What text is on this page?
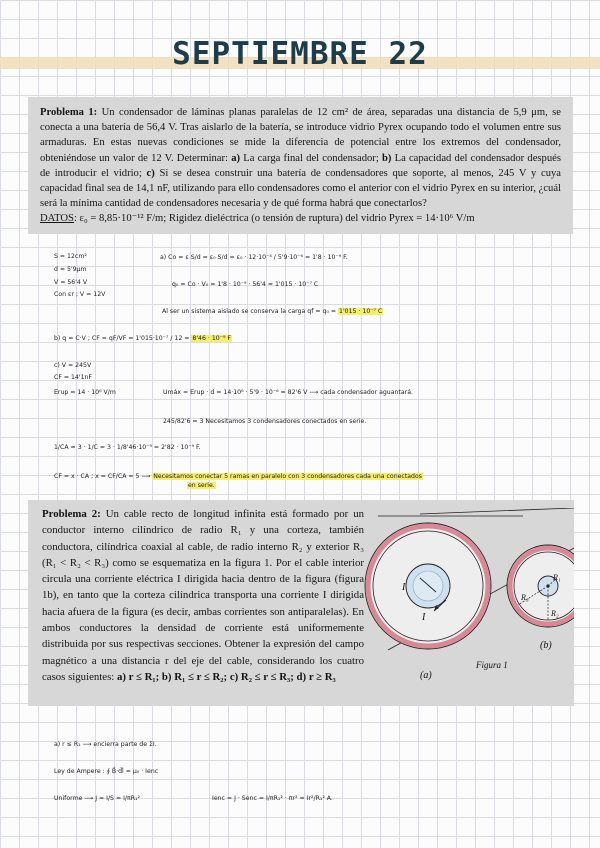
SEPTIEMBRE 22
Problema 1: Un condensador de láminas planas paralelas de 12 cm² de área, separadas una distancia de 5,9 μm, se conecta a una batería de 56,4 V. Tras aislarlo de la batería, se introduce vidrio Pyrex ocupando todo el volumen entre sus armaduras. En estas nuevas condiciones se mide la diferencia de potencial entre los extremos del condensador, obteniéndose un valor de 12 V. Determinar: a) La carga final del condensador; b) La capacidad del condensador después de introducir el vidrio; c) Si se desea construir una batería de condensadores que soporte, al menos, 245 V y cuya capacidad final sea de 14,1 nF, utilizando para ello condensadores como el anterior con el vidrio Pyrex en su interior, ¿cuál será la mínima cantidad de condensadores necesaria y de qué forma habrá que conectarlos?
DATOS: ε₀ = 8,85·10⁻¹² F/m; Rigidez dieléctrica (o tensión de ruptura) del vidrio Pyrex = 14·10⁶ V/m
S = 12cm²
d = 5'9μm
V = 56'4 V
Con εr ; V = 12V
a) Co = ε S/d = ε₀ S/d = ε₀ · 12·10⁻⁴ / 5'9·10⁻⁶ = 1'8 · 10⁻⁹ F.
q₀ = Co · V₀ = 1'8 · 10⁻⁹ · 56'4 = 1'015 · 10⁻⁷ C
Al ser un sistema aislado se conserva la carga qf = q₀ = 1'015 · 10⁻⁷ C
b) q = C·V ; CF = qF/VF = 1'015·10⁻⁷ / 12 = 8'46 · 10⁻⁹ F
c) V = 245V
CF = 14'1nF
Erup = 14 · 10⁶ V/m	Umáx = Erup · d = 14·10⁶ · 5'9 · 10⁻⁶ = 82'6 V ⟶ cada condensador aguantará.
245/82'6 = 3 Necesitamos 3 condensadores conectados en serie.
1/CA = 3 · 1/C = 3 · 1/8'46·10⁻⁹ = 2'82 · 10⁻⁹ F.
CF = x · CA ; x = CF/CA = 5 ⟶ Necesitamos conectar 5 ramas en paralelo con 3 condensadores cada una conectados
en serie.
Problema 2: Un cable recto de longitud infinita está formado por un conductor interno cilíndrico de radio R₁ y una corteza, también conductora, cilíndrica coaxial al cable, de radio interno R₂ y exterior R₃ (R₁ < R₂ < R₃) como se esquematiza en la figura 1. Por el cable interior circula una corriente eléctrica I dirigida hacia dentro de la figura (figura 1b), en tanto que la corteza cilíndrica transporta una corriente I dirigida hacia afuera de la figura (es decir, ambas corrientes son antiparalelas). En ambos conductores la densidad de corriente está uniformemente distribuida por sus respectivas secciones. Obtener la expresión del campo magnético a una distancia r del eje del cable, considerando los cuatro casos siguientes: a) r ≤ R₁; b) R₁ ≤ r ≤ R₂; c) R₂ ≤ r ≤ R₃; d) r ≥ R₃
I
I
(a)
R₁
R₂
R₃
(b)
Figura 1
a) r ≤ R₁ ⟶ encierra parte de ΣI.
Ley de Ampere : ∮ B⃗·d⃗l = μ₀ · Ienc
Uniforme ⟶ J = I/S = I/πR₁²	Ienc = J · Senc = I/πR₁² · πr² = Ir²/R₁² A.
